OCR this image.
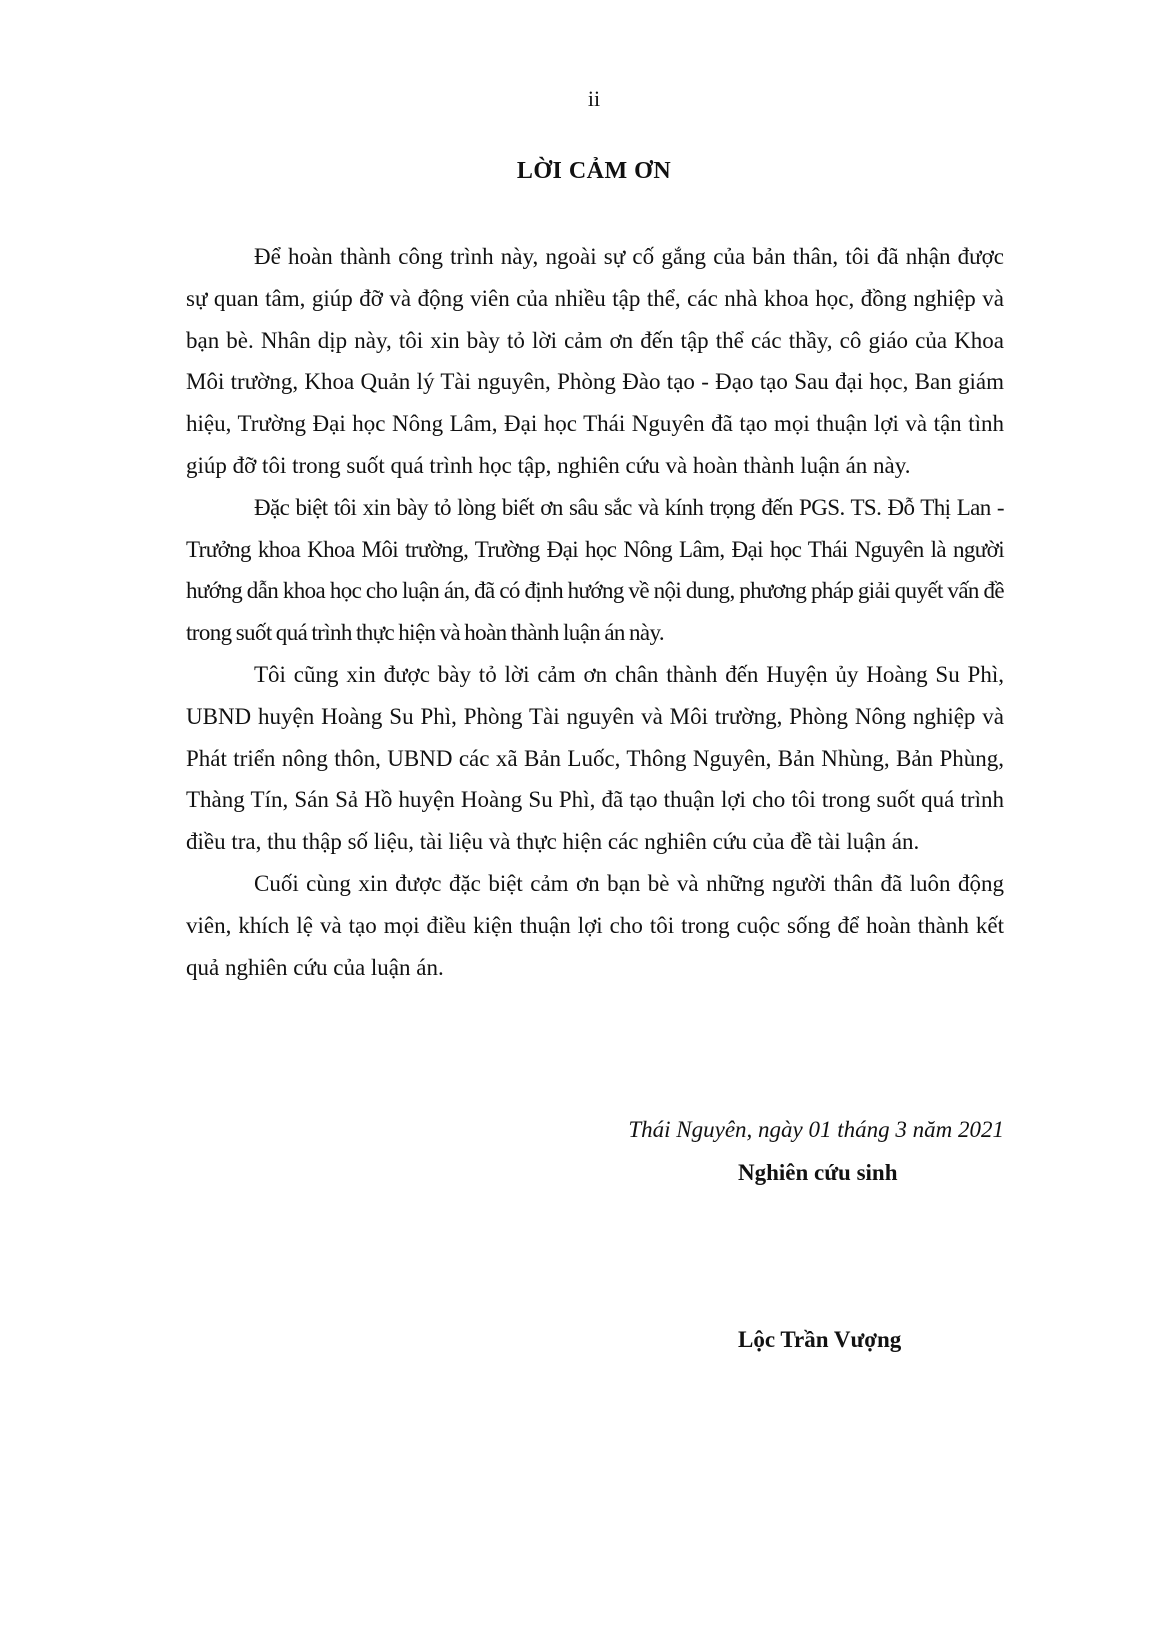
ii
LỜI CẢM ƠN

Để hoàn thành công trình này, ngoài sự cố gắng của bản thân, tôi đã nhận được sự quan tâm, giúp đỡ và động viên của nhiều tập thể, các nhà khoa học, đồng nghiệp và bạn bè. Nhân dịp này, tôi xin bày tỏ lời cảm ơn đến tập thể các thầy, cô giáo của Khoa Môi trường, Khoa Quản lý Tài nguyên, Phòng Đào tạo - Đạo tạo Sau đại học, Ban giám hiệu, Trường Đại học Nông Lâm, Đại học Thái Nguyên đã tạo mọi thuận lợi và tận tình giúp đỡ tôi trong suốt quá trình học tập, nghiên cứu và hoàn thành luận án này.

Đặc biệt tôi xin bày tỏ lòng biết ơn sâu sắc và kính trọng đến PGS. TS. Đỗ Thị Lan - Trưởng khoa Khoa Môi trường, Trường Đại học Nông Lâm, Đại học Thái Nguyên là người hướng dẫn khoa học cho luận án, đã có định hướng về nội dung, phương pháp giải quyết vấn đề trong suốt quá trình thực hiện và hoàn thành luận án này.

Tôi cũng xin được bày tỏ lời cảm ơn chân thành đến Huyện ủy Hoàng Su Phì, UBND huyện Hoàng Su Phì, Phòng Tài nguyên và Môi trường, Phòng Nông nghiệp và Phát triển nông thôn, UBND các xã Bản Luốc, Thông Nguyên, Bản Nhùng, Bản Phùng, Thàng Tín, Sán Sả Hồ huyện Hoàng Su Phì, đã tạo thuận lợi cho tôi trong suốt quá trình điều tra, thu thập số liệu, tài liệu và thực hiện các nghiên cứu của đề tài luận án.

Cuối cùng xin được đặc biệt cảm ơn bạn bè và những người thân đã luôn động viên, khích lệ và tạo mọi điều kiện thuận lợi cho tôi trong cuộc sống để hoàn thành kết quả nghiên cứu của luận án.

Thái Nguyên, ngày 01 tháng 3 năm 2021
Nghiên cứu sinh
Lộc Trần Vượng
